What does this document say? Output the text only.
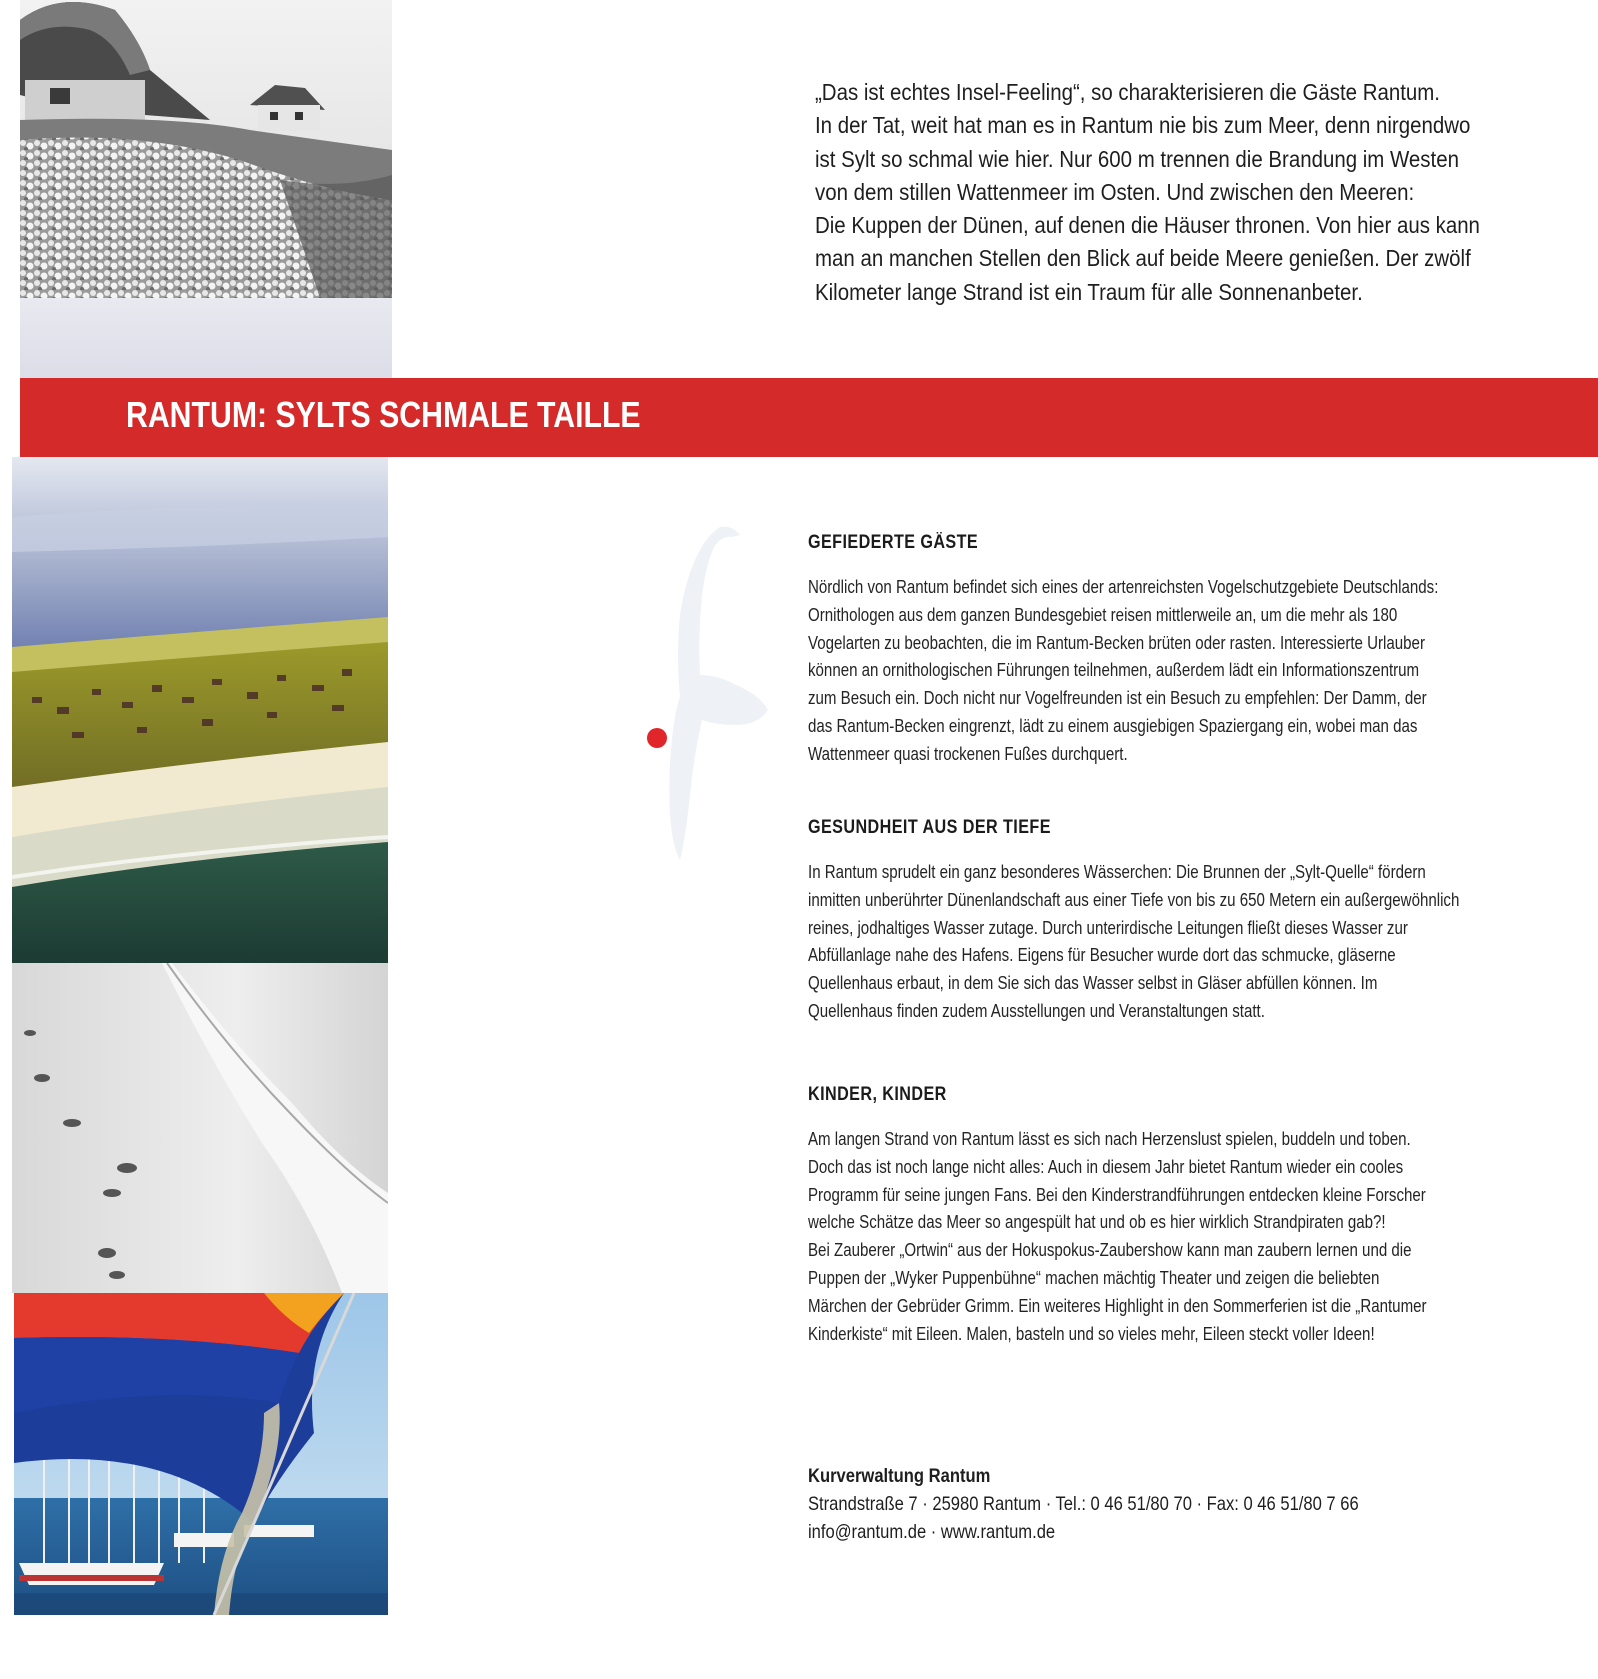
RANTUM: SYLTS SCHMALE TAILLE
„Das ist echtes Insel-Feeling“, so charakterisieren die Gäste Rantum.
In der Tat, weit hat man es in Rantum nie bis zum Meer, denn nirgendwo
ist Sylt so schmal wie hier. Nur 600 m trennen die Brandung im Westen
von dem stillen Wattenmeer im Osten. Und zwischen den Meeren:
Die Kuppen der Dünen, auf denen die Häuser thronen. Von hier aus kann
man an manchen Stellen den Blick auf beide Meere genießen. Der zwölf
Kilometer lange Strand ist ein Traum für alle Sonnenanbeter.
GEFIEDERTE GÄSTE
Nördlich von Rantum befindet sich eines der artenreichsten Vogelschutzgebiete Deutschlands:
Ornithologen aus dem ganzen Bundesgebiet reisen mittlerweile an, um die mehr als 180
Vogelarten zu beobachten, die im Rantum-Becken brüten oder rasten. Interessierte Urlauber
können an ornithologischen Führungen teilnehmen, außerdem lädt ein Informationszentrum
zum Besuch ein. Doch nicht nur Vogelfreunden ist ein Besuch zu empfehlen: Der Damm, der
das Rantum-Becken eingrenzt, lädt zu einem ausgiebigen Spaziergang ein, wobei man das
Wattenmeer quasi trockenen Fußes durchquert.
GESUNDHEIT AUS DER TIEFE
In Rantum sprudelt ein ganz besonderes Wässerchen: Die Brunnen der „Sylt-Quelle“ fördern
inmitten unberührter Dünenlandschaft aus einer Tiefe von bis zu 650 Metern ein außergewöhnlich
reines, jodhaltiges Wasser zutage. Durch unterirdische Leitungen fließt dieses Wasser zur
Abfüllanlage nahe des Hafens. Eigens für Besucher wurde dort das schmucke, gläserne
Quellenhaus erbaut, in dem Sie sich das Wasser selbst in Gläser abfüllen können. Im
Quellenhaus finden zudem Ausstellungen und Veranstaltungen statt.
KINDER, KINDER
Am langen Strand von Rantum lässt es sich nach Herzenslust spielen, buddeln und toben.
Doch das ist noch lange nicht alles: Auch in diesem Jahr bietet Rantum wieder ein cooles
Programm für seine jungen Fans. Bei den Kinderstrandführungen entdecken kleine Forscher
welche Schätze das Meer so angespült hat und ob es hier wirklich Strandpiraten gab?!
Bei Zauberer „Ortwin“ aus der Hokuspokus-Zaubershow kann man zaubern lernen und die
Puppen der „Wyker Puppenbühne“ machen mächtig Theater und zeigen die beliebten
Märchen der Gebrüder Grimm. Ein weiteres Highlight in den Sommerferien ist die „Rantumer
Kinderkiste“ mit Eileen. Malen, basteln und so vieles mehr, Eileen steckt voller Ideen!
Kurverwaltung Rantum
Strandstraße 7 · 25980 Rantum · Tel.: 0 46 51/80 70 · Fax: 0 46 51/80 7 66
info@rantum.de · www.rantum.de
